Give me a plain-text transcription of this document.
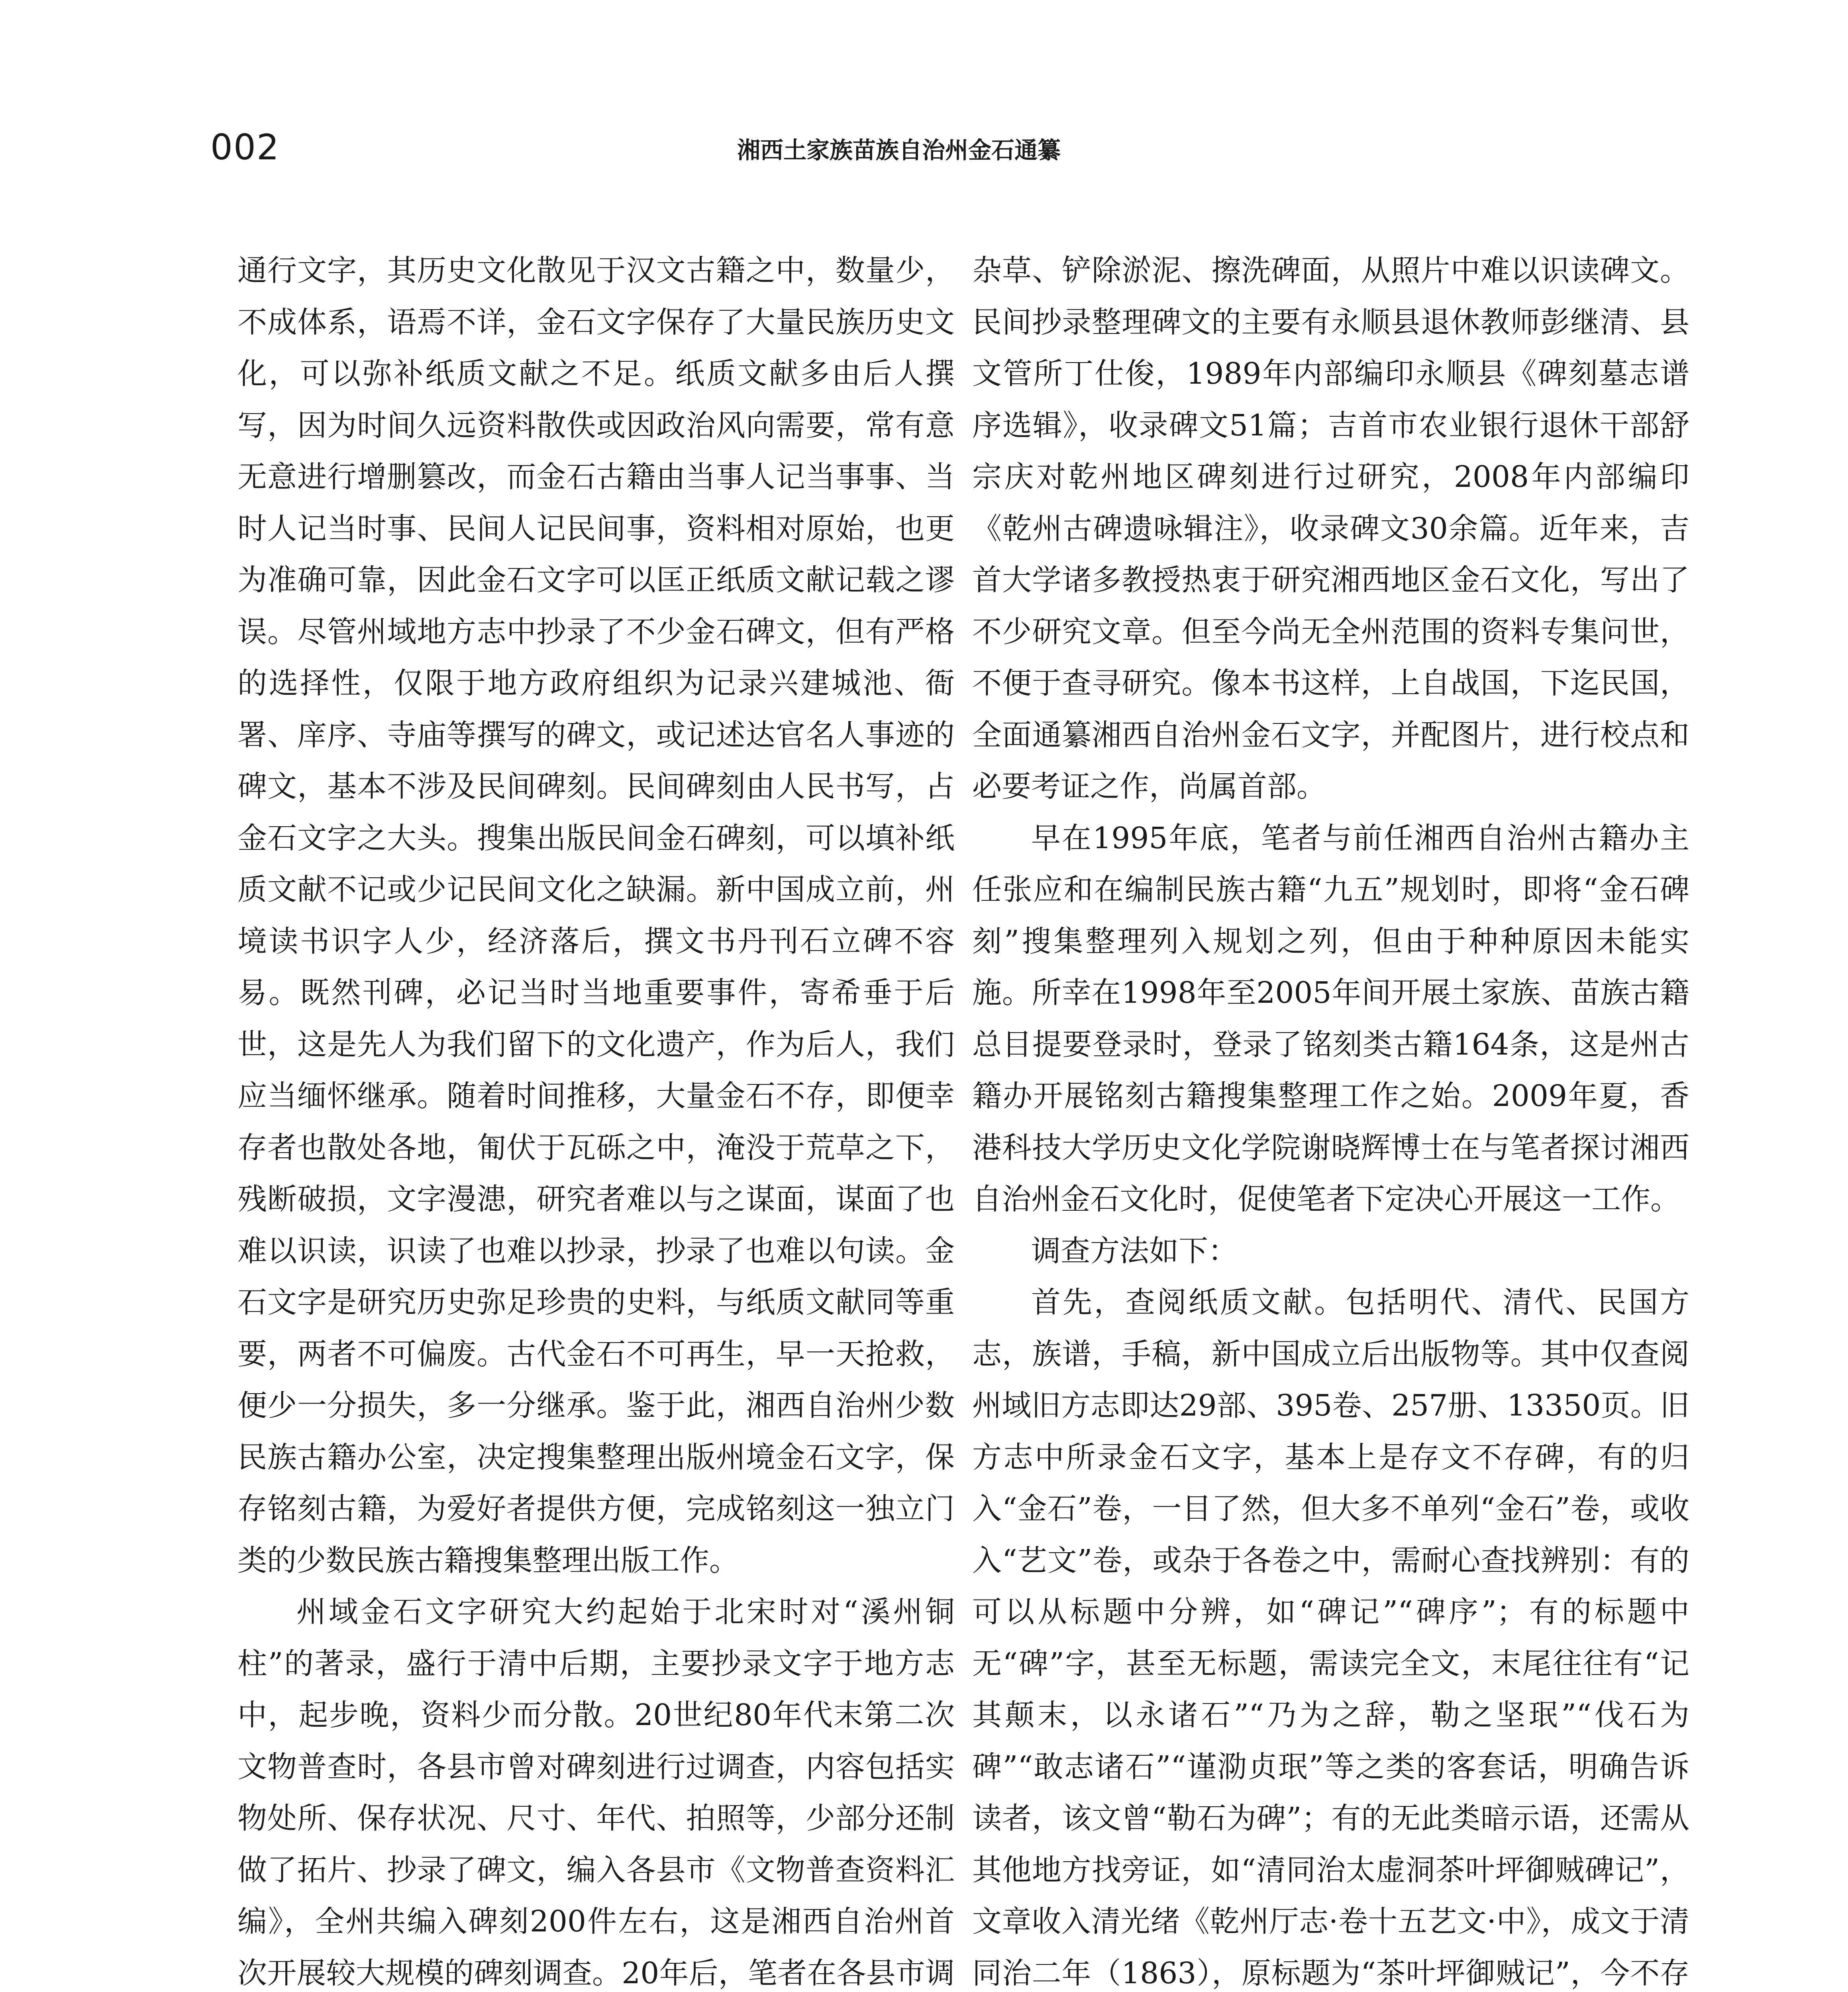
002	湘西土家族苗族自治州金石通纂

通行文字，其历史文化散见于汉文古籍之中，数量少，不成体系，语焉不详，金石文字保存了大量民族历史文化，可以弥补纸质文献之不足。纸质文献多由后人撰写，因为时间久远资料散佚或因政治风向需要，常有意无意进行增删篡改，而金石古籍由当事人记当事事、当时人记当时事、民间人记民间事，资料相对原始，也更为准确可靠，因此金石文字可以匡正纸质文献记载之谬误。尽管州域地方志中抄录了不少金石碑文，但有严格的选择性，仅限于地方政府组织为记录兴建城池、衙署、庠序、寺庙等撰写的碑文，或记述达官名人事迹的碑文，基本不涉及民间碑刻。民间碑刻由人民书写，占金石文字之大头。搜集出版民间金石碑刻，可以填补纸质文献不记或少记民间文化之缺漏。新中国成立前，州境读书识字人少，经济落后，撰文书丹刊石立碑不容易。既然刊碑，必记当时当地重要事件，寄希垂于后世，这是先人为我们留下的文化遗产，作为后人，我们应当缅怀继承。随着时间推移，大量金石不存，即便幸存者也散处各地，匍伏于瓦砾之中，淹没于荒草之下，残断破损，文字漫漶，研究者难以与之谋面，谋面了也难以识读，识读了也难以抄录，抄录了也难以句读。金石文字是研究历史弥足珍贵的史料，与纸质文献同等重要，两者不可偏废。古代金石不可再生，早一天抢救，便少一分损失，多一分继承。鉴于此，湘西自治州少数民族古籍办公室，决定搜集整理出版州境金石文字，保存铭刻古籍，为爱好者提供方便，完成铭刻这一独立门类的少数民族古籍搜集整理出版工作。

州域金石文字研究大约起始于北宋时对“溪州铜柱”的著录，盛行于清中后期，主要抄录文字于地方志中，起步晚，资料少而分散。20世纪80年代末第二次文物普查时，各县市曾对碑刻进行过调查，内容包括实物处所、保存状况、尺寸、年代、拍照等，少部分还制做了拓片、抄录了碑文，编入各县市《文物普查资料汇编》，全州共编入碑刻200件左右，这是湘西自治州首次开展较大规模的碑刻调查。20年后，笔者在各县市调

杂草、铲除淤泥、擦洗碑面，从照片中难以识读碑文。民间抄录整理碑文的主要有永顺县退休教师彭继清、县文管所丁仕俊，1989年内部编印永顺县《碑刻墓志谱序选辑》，收录碑文51篇；吉首市农业银行退休干部舒宗庆对乾州地区碑刻进行过研究，2008年内部编印《乾州古碑遗咏辑注》，收录碑文30余篇。近年来，吉首大学诸多教授热衷于研究湘西地区金石文化，写出了不少研究文章。但至今尚无全州范围的资料专集问世，不便于查寻研究。像本书这样，上自战国，下迄民国，全面通纂湘西自治州金石文字，并配图片，进行校点和必要考证之作，尚属首部。

早在1995年底，笔者与前任湘西自治州古籍办主任张应和在编制民族古籍“九五”规划时，即将“金石碑刻”搜集整理列入规划之列，但由于种种原因未能实施。所幸在1998年至2005年间开展土家族、苗族古籍总目提要登录时，登录了铭刻类古籍164条，这是州古籍办开展铭刻古籍搜集整理工作之始。2009年夏，香港科技大学历史文化学院谢晓辉博士在与笔者探讨湘西自治州金石文化时，促使笔者下定决心开展这一工作。

调查方法如下：

首先，查阅纸质文献。包括明代、清代、民国方志，族谱，手稿，新中国成立后出版物等。其中仅查阅州域旧方志即达29部、395卷、257册、13350页。旧方志中所录金石文字，基本上是存文不存碑，有的归入“金石”卷，一目了然，但大多不单列“金石”卷，或收入“艺文”卷，或杂于各卷之中，需耐心查找辨别：有的可以从标题中分辨，如“碑记”“碑序”；有的标题中无“碑”字，甚至无标题，需读完全文，末尾往往有“记其颠末，以永诸石”“乃为之辞，勒之坚珉”“伐石为碑”“敢志诸石”“谨泐贞珉”等之类的客套话，明确告诉读者，该文曾“勒石为碑”；有的无此类暗示语，还需从其他地方找旁证，如“清同治太虚洞茶叶坪御贼碑记”，文章收入清光绪《乾州厅志·卷十五艺文·中》，成文于清同治二年（1863），原标题为“茶叶坪御贼记”，今不存
